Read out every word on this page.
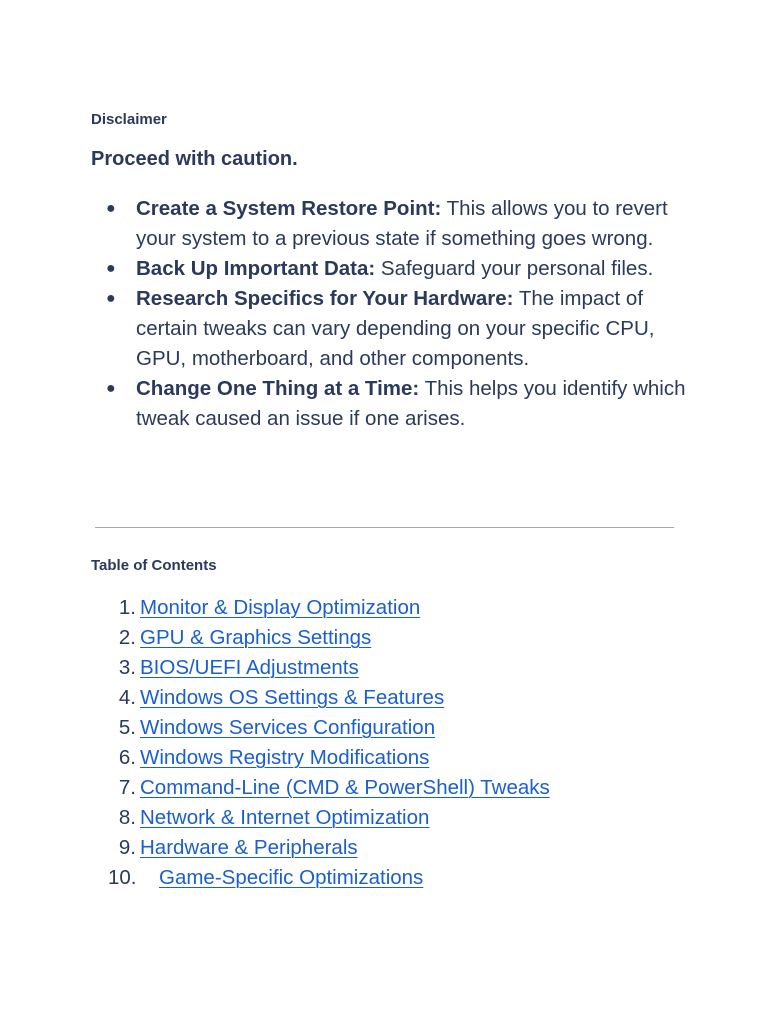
Disclaimer
Proceed with caution.
● Create a System Restore Point: This allows you to revert your system to a previous state if something goes wrong.
● Back Up Important Data: Safeguard your personal files.
● Research Specifics for Your Hardware: The impact of certain tweaks can vary depending on your specific CPU, GPU, motherboard, and other components.
● Change One Thing at a Time: This helps you identify which tweak caused an issue if one arises.
Table of Contents
1. Monitor & Display Optimization
2. GPU & Graphics Settings
3. BIOS/UEFI Adjustments
4. Windows OS Settings & Features
5. Windows Services Configuration
6. Windows Registry Modifications
7. Command-Line (CMD & PowerShell) Tweaks
8. Network & Internet Optimization
9. Hardware & Peripherals
10. Game-Specific Optimizations
